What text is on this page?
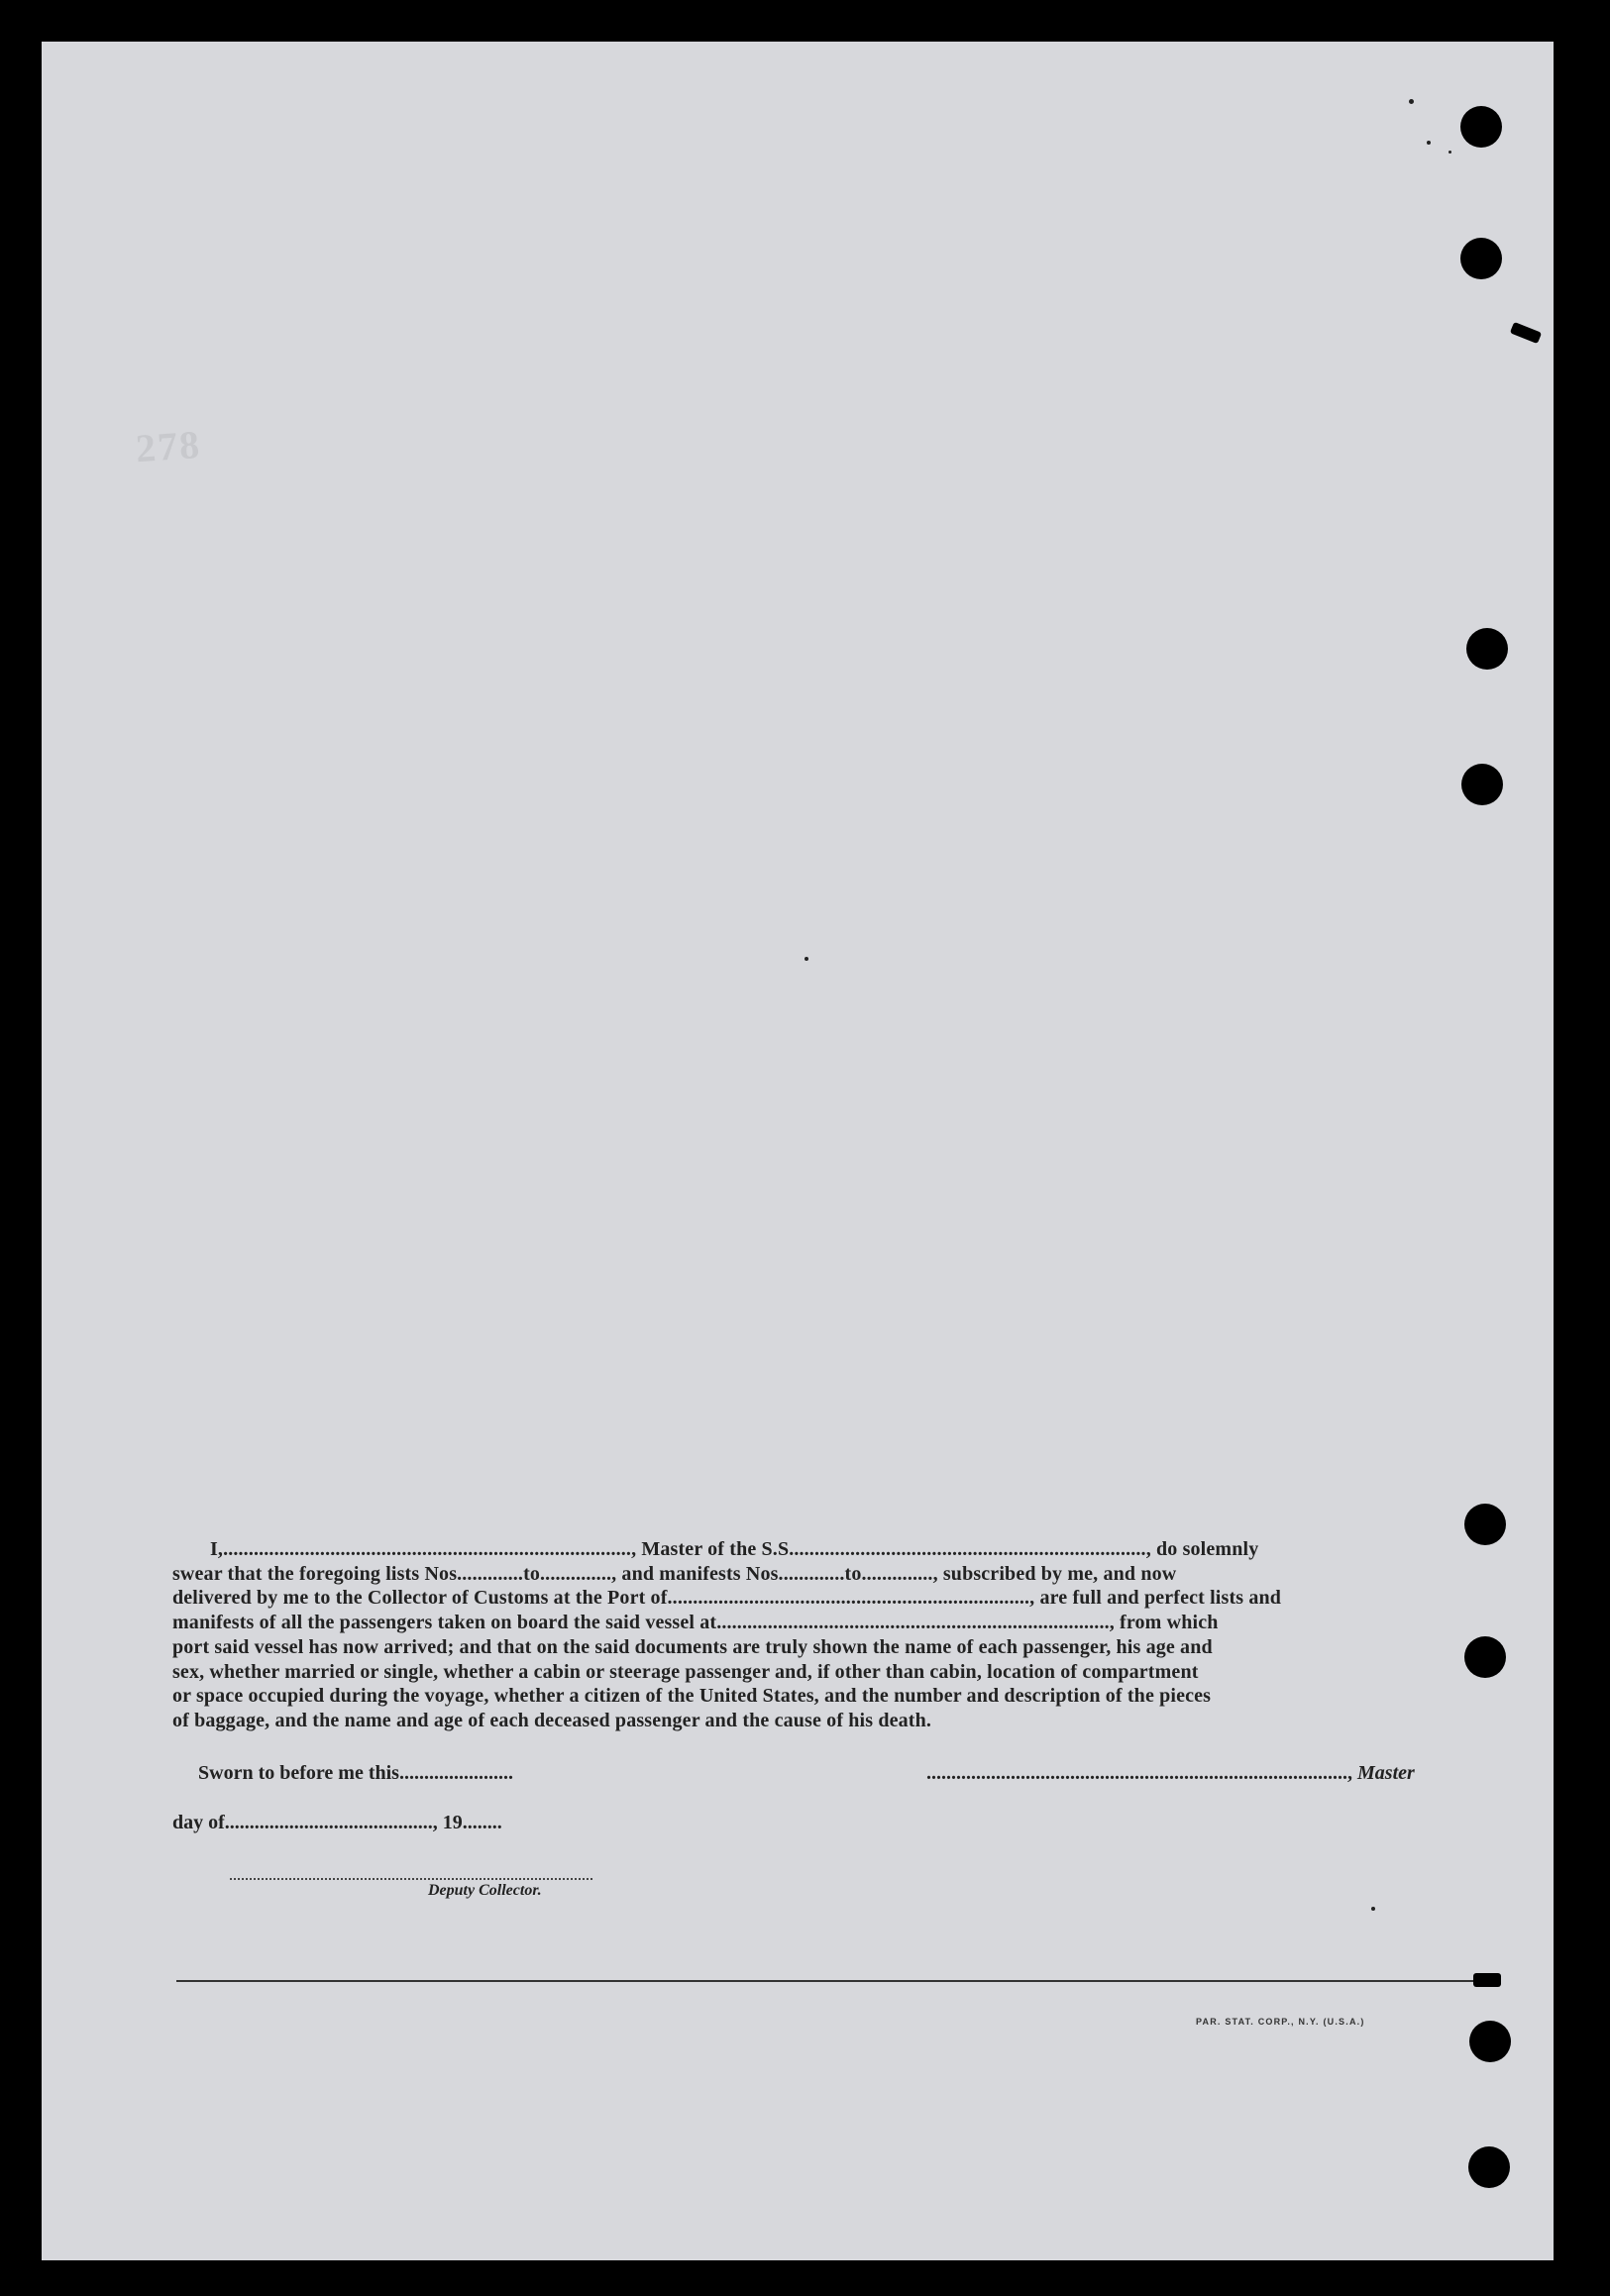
278
I,................................................................................, Master of the S.S......................................................................, do solemnly
swear that the foregoing lists Nos.............to.............., and manifests Nos.............to.............., subscribed by me, and now
delivered by me to the Collector of Customs at the Port of......................................................................., are full and perfect lists and
manifests of all the passengers taken on board the said vessel at............................................................................., from which
port said vessel has now arrived; and that on the said documents are truly shown the name of each passenger, his age and
sex, whether married or single, whether a cabin or steerage passenger and, if other than cabin, location of compartment
or space occupied during the voyage, whether a citizen of the United States, and the number and description of the pieces
of baggage, and the name and age of each deceased passenger and the cause of his death.
Sworn to before me this.......................	....................................................................................., Master
day of.........................................., 19........
Deputy Collector.
PAR. STAT. CORP., N.Y. (U.S.A.)
